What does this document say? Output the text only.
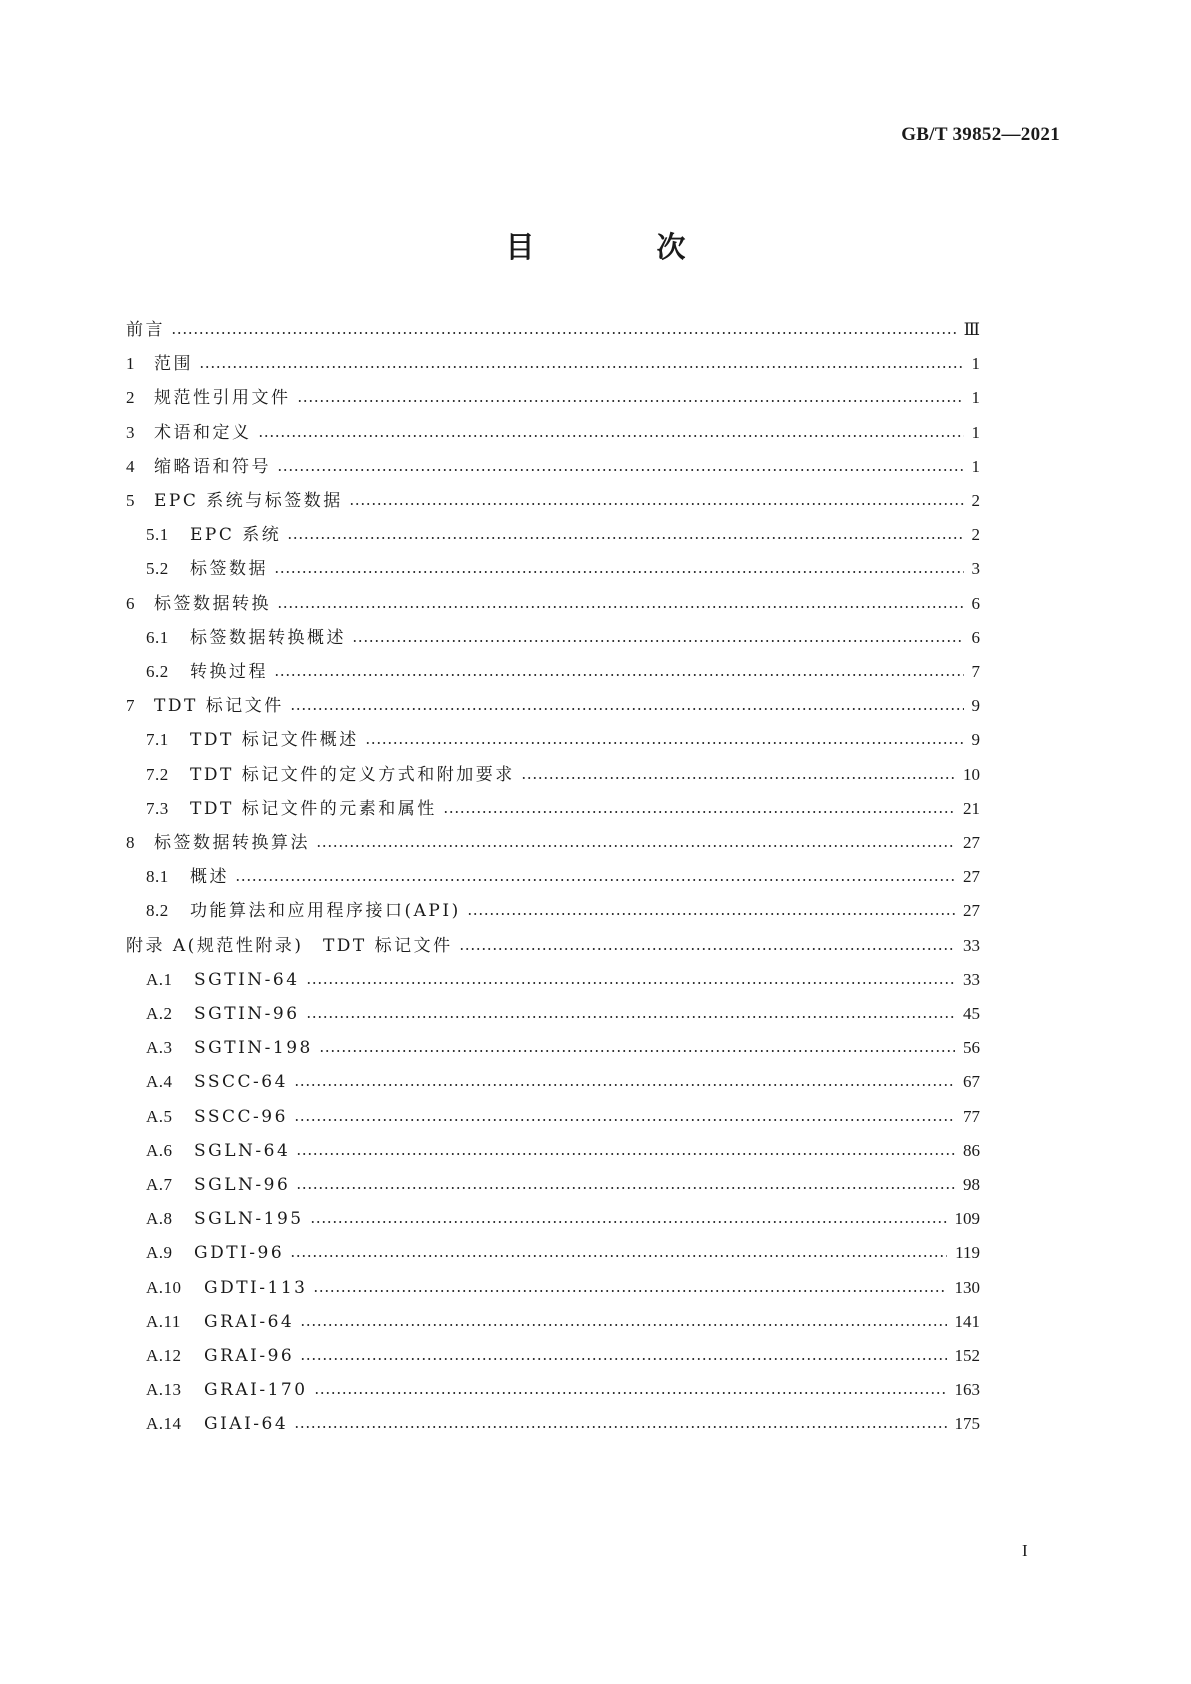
GB/T 39852—2021
目 次
前言	Ⅲ
1	范围	1
2	规范性引用文件	1
3	术语和定义	1
4	缩略语和符号	1
5	EPC 系统与标签数据	2
5.1	EPC 系统	2
5.2	标签数据	3
6	标签数据转换	6
6.1	标签数据转换概述	6
6.2	转换过程	7
7	TDT 标记文件	9
7.1	TDT 标记文件概述	9
7.2	TDT 标记文件的定义方式和附加要求	10
7.3	TDT 标记文件的元素和属性	21
8	标签数据转换算法	27
8.1	概述	27
8.2	功能算法和应用程序接口(API)	27
附录 A(规范性附录)　TDT 标记文件	33
A.1	SGTIN-64	33
A.2	SGTIN-96	45
A.3	SGTIN-198	56
A.4	SSCC-64	67
A.5	SSCC-96	77
A.6	SGLN-64	86
A.7	SGLN-96	98
A.8	SGLN-195	109
A.9	GDTI-96	119
A.10	GDTI-113	130
A.11	GRAI-64	141
A.12	GRAI-96	152
A.13	GRAI-170	163
A.14	GIAI-64	175
I
